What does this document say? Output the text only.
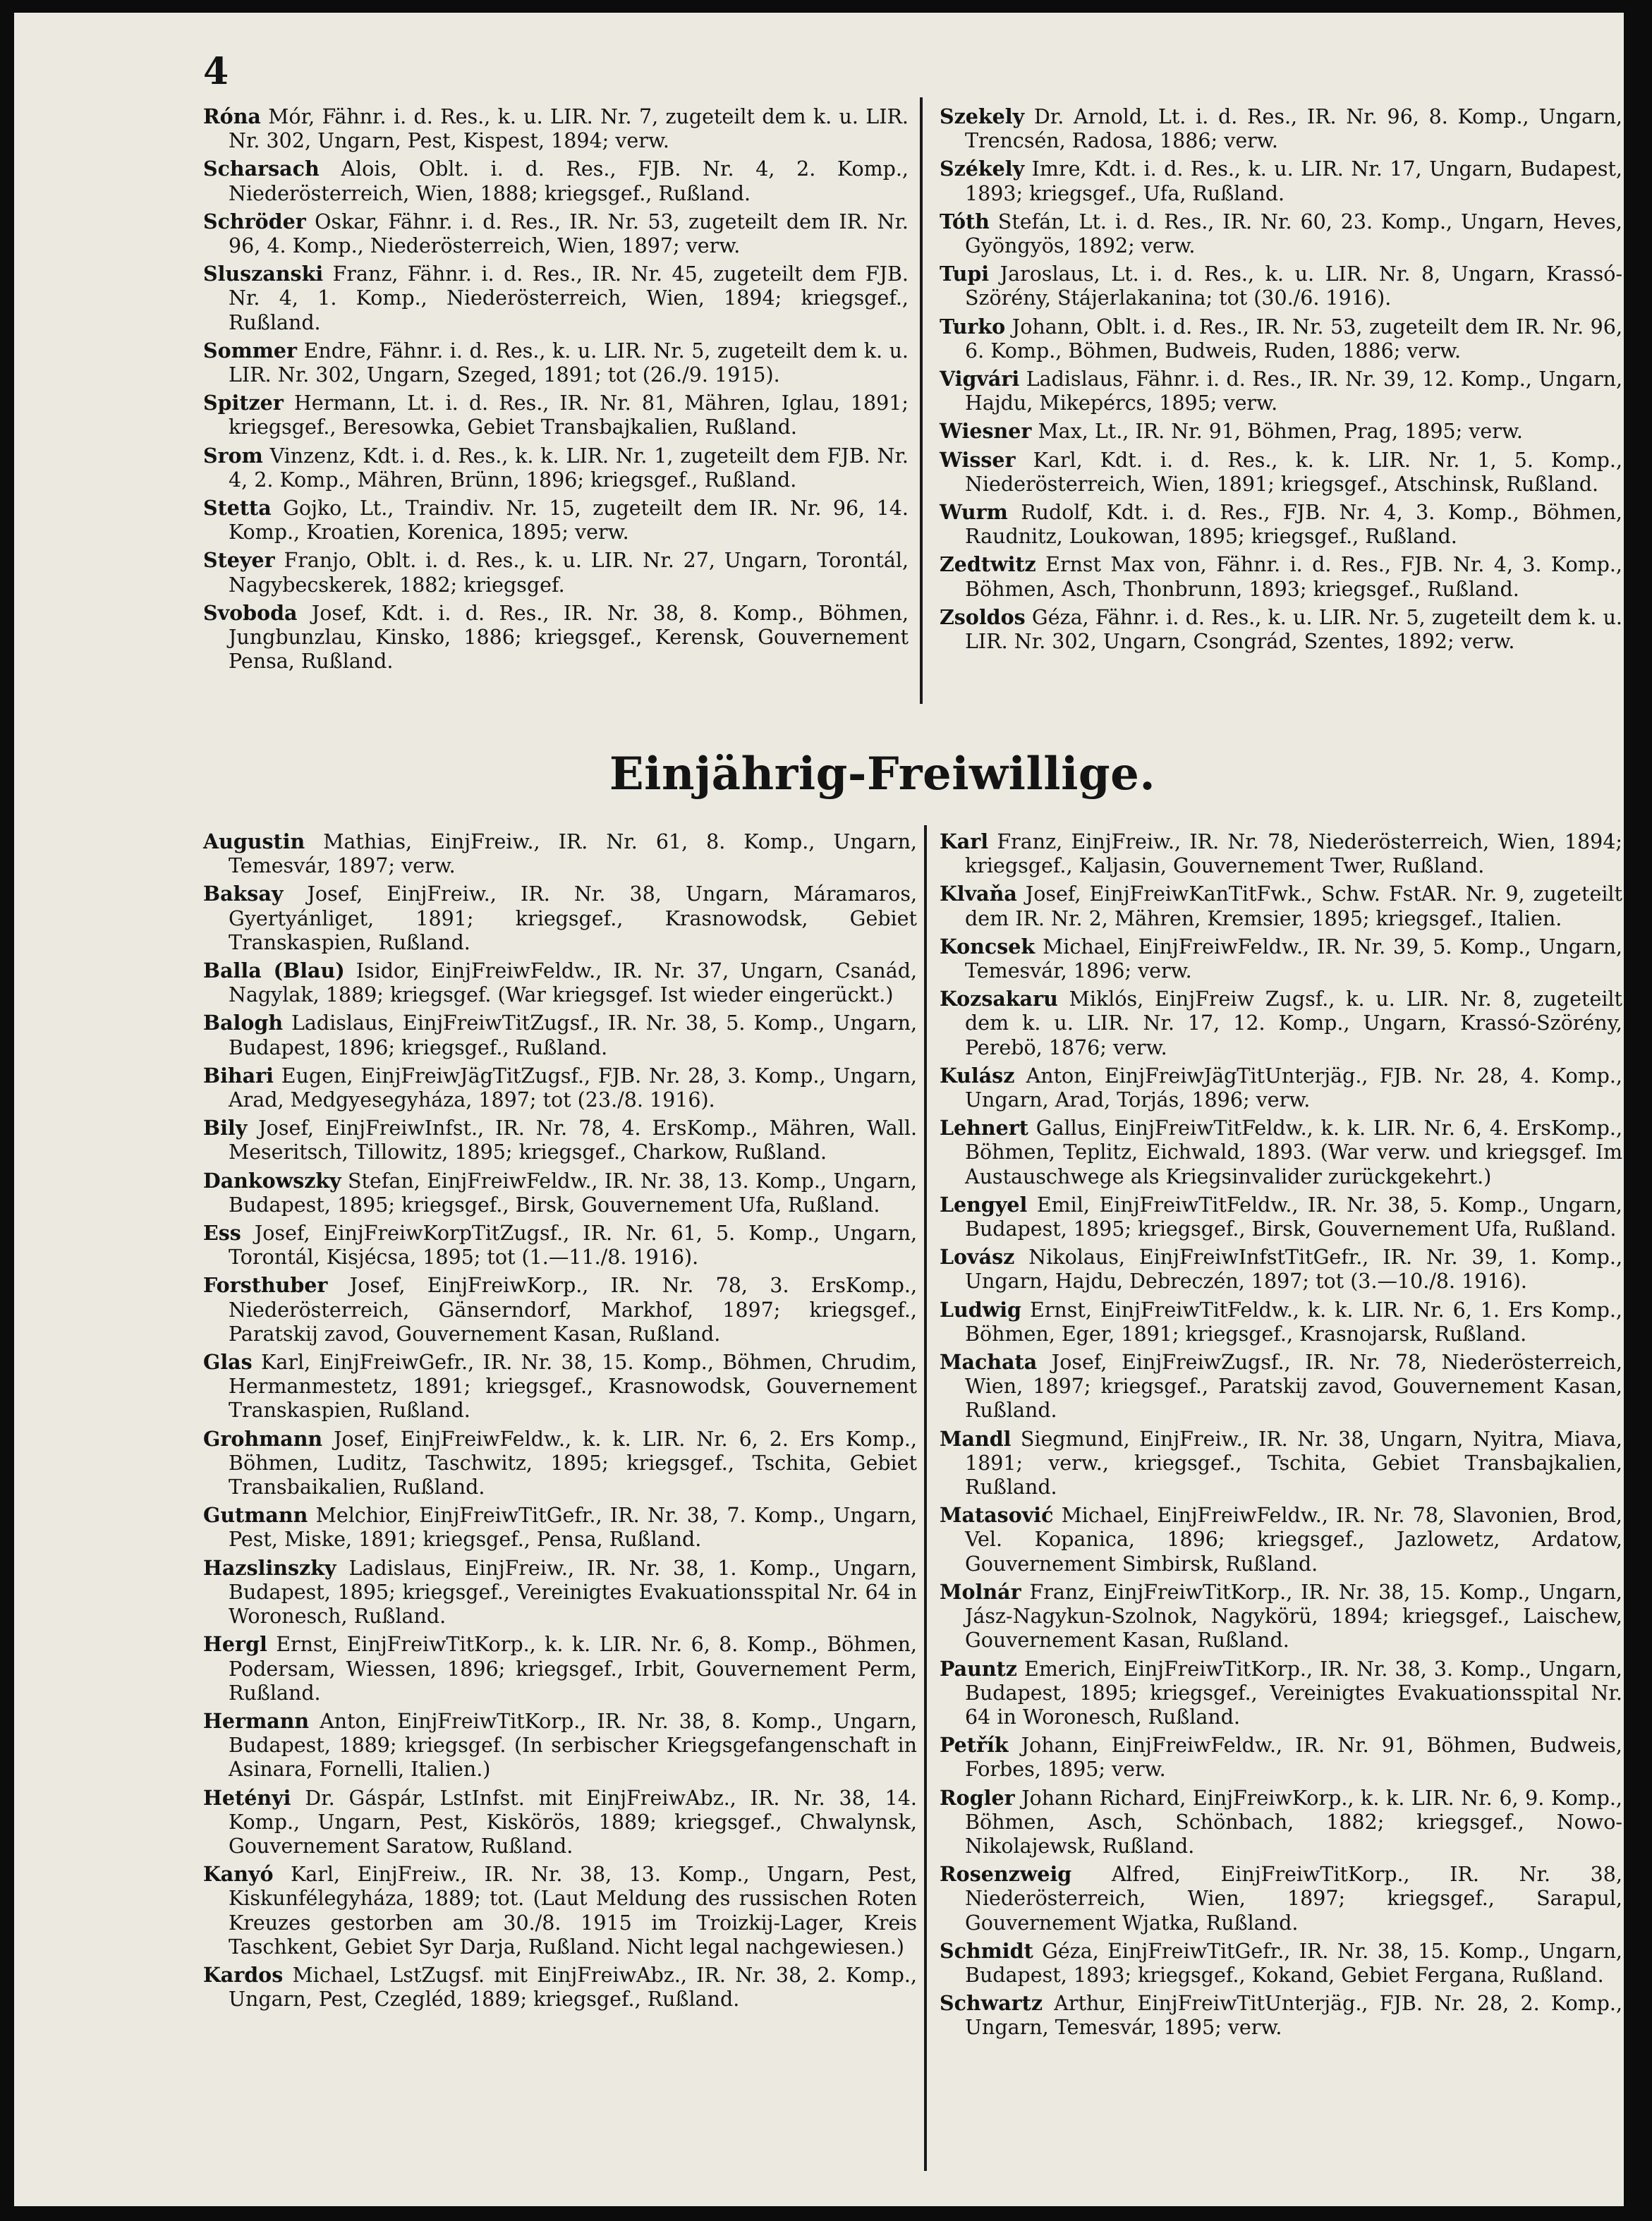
4
Róna Mór, Fähnr. i. d. Res., k. u. LIR. Nr. 7, zugeteilt dem k. u. LIR. Nr. 302, Ungarn, Pest, Kispest, 1894; verw.
Scharsach Alois, Oblt. i. d. Res., FJB. Nr. 4, 2. Komp., Niederösterreich, Wien, 1888; kriegsgef., Rußland.
Schröder Oskar, Fähnr. i. d. Res., IR. Nr. 53, zugeteilt dem IR. Nr. 96, 4. Komp., Niederösterreich, Wien, 1897; verw.
Sluszanski Franz, Fähnr. i. d. Res., IR. Nr. 45, zugeteilt dem FJB. Nr. 4, 1. Komp., Niederösterreich, Wien, 1894; kriegsgef., Rußland.
Sommer Endre, Fähnr. i. d. Res., k. u. LIR. Nr. 5, zugeteilt dem k. u. LIR. Nr. 302, Ungarn, Szeged, 1891; tot (26./9. 1915).
Spitzer Hermann, Lt. i. d. Res., IR. Nr. 81, Mähren, Iglau, 1891; kriegsgef., Beresowka, Gebiet Transbajkalien, Rußland.
Srom Vinzenz, Kdt. i. d. Res., k. k. LIR. Nr. 1, zugeteilt dem FJB. Nr. 4, 2. Komp., Mähren, Brünn, 1896; kriegsgef., Rußland.
Stetta Gojko, Lt., Traindiv. Nr. 15, zugeteilt dem IR. Nr. 96, 14. Komp., Kroatien, Korenica, 1895; verw.
Steyer Franjo, Oblt. i. d. Res., k. u. LIR. Nr. 27, Ungarn, Torontál, Nagybecskerek, 1882; kriegsgef.
Svoboda Josef, Kdt. i. d. Res., IR. Nr. 38, 8. Komp., Böhmen, Jungbunzlau, Kinsko, 1886; kriegsgef., Kerensk, Gouvernement Pensa, Rußland.
Szekely Dr. Arnold, Lt. i. d. Res., IR. Nr. 96, 8. Komp., Ungarn, Trencsén, Radosa, 1886; verw.
Székely Imre, Kdt. i. d. Res., k. u. LIR. Nr. 17, Ungarn, Budapest, 1893; kriegsgef., Ufa, Rußland.
Tóth Stefán, Lt. i. d. Res., IR. Nr. 60, 23. Komp., Ungarn, Heves, Gyöngyös, 1892; verw.
Tupi Jaroslaus, Lt. i. d. Res., k. u. LIR. Nr. 8, Ungarn, Krassó-Szörény, Stájerlakanina; tot (30./6. 1916).
Turko Johann, Oblt. i. d. Res., IR. Nr. 53, zugeteilt dem IR. Nr. 96, 6. Komp., Böhmen, Budweis, Ruden, 1886; verw.
Vigvári Ladislaus, Fähnr. i. d. Res., IR. Nr. 39, 12. Komp., Ungarn, Hajdu, Mikepércs, 1895; verw.
Wiesner Max, Lt., IR. Nr. 91, Böhmen, Prag, 1895; verw.
Wisser Karl, Kdt. i. d. Res., k. k. LIR. Nr. 1, 5. Komp., Niederösterreich, Wien, 1891; kriegsgef., Atschinsk, Rußland.
Wurm Rudolf, Kdt. i. d. Res., FJB. Nr. 4, 3. Komp., Böhmen, Raudnitz, Loukowan, 1895; kriegsgef., Rußland.
Zedtwitz Ernst Max von, Fähnr. i. d. Res., FJB. Nr. 4, 3. Komp., Böhmen, Asch, Thonbrunn, 1893; kriegsgef., Rußland.
Zsoldos Géza, Fähnr. i. d. Res., k. u. LIR. Nr. 5, zugeteilt dem k. u. LIR. Nr. 302, Ungarn, Csongrád, Szentes, 1892; verw.
Einjährig-Freiwillige.
Augustin Mathias, EinjFreiw., IR. Nr. 61, 8. Komp., Ungarn, Temesvár, 1897; verw.
Baksay Josef, EinjFreiw., IR. Nr. 38, Ungarn, Máramaros, Gyertyánliget, 1891; kriegsgef., Krasnowodsk, Gebiet Transkaspien, Rußland.
Balla (Blau) Isidor, EinjFreiwFeldw., IR. Nr. 37, Ungarn, Csanád, Nagylak, 1889; kriegsgef. (War kriegsgef. Ist wieder eingerückt.)
Balogh Ladislaus, EinjFreiwTitZugsf., IR. Nr. 38, 5. Komp., Ungarn, Budapest, 1896; kriegsgef., Rußland.
Bihari Eugen, EinjFreiwJägTitZugsf., FJB. Nr. 28, 3. Komp., Ungarn, Arad, Medgyesegyháza, 1897; tot (23./8. 1916).
Bily Josef, EinjFreiwInfst., IR. Nr. 78, 4. ErsKomp., Mähren, Wall. Meseritsch, Tillowitz, 1895; kriegsgef., Charkow, Rußland.
Dankowszky Stefan, EinjFreiwFeldw., IR. Nr. 38, 13. Komp., Ungarn, Budapest, 1895; kriegsgef., Birsk, Gouvernement Ufa, Rußland.
Ess Josef, EinjFreiwKorpTitZugsf., IR. Nr. 61, 5. Komp., Ungarn, Torontál, Kisjécsa, 1895; tot (1.—11./8. 1916).
Forsthuber Josef, EinjFreiwKorp., IR. Nr. 78, 3. ErsKomp., Niederösterreich, Gänserndorf, Markhof, 1897; kriegsgef., Paratskij zavod, Gouvernement Kasan, Rußland.
Glas Karl, EinjFreiwGefr., IR. Nr. 38, 15. Komp., Böhmen, Chrudim, Hermanmestetz, 1891; kriegsgef., Krasnowodsk, Gouvernement Transkaspien, Rußland.
Grohmann Josef, EinjFreiwFeldw., k. k. LIR. Nr. 6, 2. Ers Komp., Böhmen, Luditz, Taschwitz, 1895; kriegsgef., Tschita, Gebiet Transbaikalien, Rußland.
Gutmann Melchior, EinjFreiwTitGefr., IR. Nr. 38, 7. Komp., Ungarn, Pest, Miske, 1891; kriegsgef., Pensa, Rußland.
Hazslinszky Ladislaus, EinjFreiw., IR. Nr. 38, 1. Komp., Ungarn, Budapest, 1895; kriegsgef., Vereinigtes Evakuationsspital Nr. 64 in Woronesch, Rußland.
Hergl Ernst, EinjFreiwTitKorp., k. k. LIR. Nr. 6, 8. Komp., Böhmen, Podersam, Wiessen, 1896; kriegsgef., Irbit, Gouvernement Perm, Rußland.
Hermann Anton, EinjFreiwTitKorp., IR. Nr. 38, 8. Komp., Ungarn, Budapest, 1889; kriegsgef. (In serbischer Kriegsgefangenschaft in Asinara, Fornelli, Italien.)
Hetényi Dr. Gáspár, LstInfst. mit EinjFreiwAbz., IR. Nr. 38, 14. Komp., Ungarn, Pest, Kiskörös, 1889; kriegsgef., Chwalynsk, Gouvernement Saratow, Rußland.
Kanyó Karl, EinjFreiw., IR. Nr. 38, 13. Komp., Ungarn, Pest, Kiskunfélegyháza, 1889; tot. (Laut Meldung des russischen Roten Kreuzes gestorben am 30./8. 1915 im Troizkij-Lager, Kreis Taschkent, Gebiet Syr Darja, Rußland. Nicht legal nachgewiesen.)
Kardos Michael, LstZugsf. mit EinjFreiwAbz., IR. Nr. 38, 2. Komp., Ungarn, Pest, Czegléd, 1889; kriegsgef., Rußland.
Karl Franz, EinjFreiw., IR. Nr. 78, Niederösterreich, Wien, 1894; kriegsgef., Kaljasin, Gouvernement Twer, Rußland.
Klvaňa Josef, EinjFreiwKanTitFwk., Schw. FstAR. Nr. 9, zugeteilt dem IR. Nr. 2, Mähren, Kremsier, 1895; kriegsgef., Italien.
Koncsek Michael, EinjFreiwFeldw., IR. Nr. 39, 5. Komp., Ungarn, Temesvár, 1896; verw.
Kozsakaru Miklós, EinjFreiw Zugsf., k. u. LIR. Nr. 8, zugeteilt dem k. u. LIR. Nr. 17, 12. Komp., Ungarn, Krassó-Szörény, Perebö, 1876; verw.
Kulász Anton, EinjFreiwJägTitUnterjäg., FJB. Nr. 28, 4. Komp., Ungarn, Arad, Torjás, 1896; verw.
Lehnert Gallus, EinjFreiwTitFeldw., k. k. LIR. Nr. 6, 4. ErsKomp., Böhmen, Teplitz, Eichwald, 1893. (War verw. und kriegsgef. Im Austauschwege als Kriegsinvalider zurückgekehrt.)
Lengyel Emil, EinjFreiwTitFeldw., IR. Nr. 38, 5. Komp., Ungarn, Budapest, 1895; kriegsgef., Birsk, Gouvernement Ufa, Rußland.
Lovász Nikolaus, EinjFreiwInfstTitGefr., IR. Nr. 39, 1. Komp., Ungarn, Hajdu, Debreczén, 1897; tot (3.—10./8. 1916).
Ludwig Ernst, EinjFreiwTitFeldw., k. k. LIR. Nr. 6, 1. Ers Komp., Böhmen, Eger, 1891; kriegsgef., Krasnojarsk, Rußland.
Machata Josef, EinjFreiwZugsf., IR. Nr. 78, Niederösterreich, Wien, 1897; kriegsgef., Paratskij zavod, Gouvernement Kasan, Rußland.
Mandl Siegmund, EinjFreiw., IR. Nr. 38, Ungarn, Nyitra, Miava, 1891; verw., kriegsgef., Tschita, Gebiet Transbajkalien, Rußland.
Matasović Michael, EinjFreiwFeldw., IR. Nr. 78, Slavonien, Brod, Vel. Kopanica, 1896; kriegsgef., Jazlowetz, Ardatow, Gouvernement Simbirsk, Rußland.
Molnár Franz, EinjFreiwTitKorp., IR. Nr. 38, 15. Komp., Ungarn, Jász-Nagykun-Szolnok, Nagykörü, 1894; kriegsgef., Laischew, Gouvernement Kasan, Rußland.
Pauntz Emerich, EinjFreiwTitKorp., IR. Nr. 38, 3. Komp., Ungarn, Budapest, 1895; kriegsgef., Vereinigtes Evakuationsspital Nr. 64 in Woronesch, Rußland.
Petřík Johann, EinjFreiwFeldw., IR. Nr. 91, Böhmen, Budweis, Forbes, 1895; verw.
Rogler Johann Richard, EinjFreiwKorp., k. k. LIR. Nr. 6, 9. Komp., Böhmen, Asch, Schönbach, 1882; kriegsgef., Nowo-Nikolajewsk, Rußland.
Rosenzweig Alfred, EinjFreiwTitKorp., IR. Nr. 38, Niederösterreich, Wien, 1897; kriegsgef., Sarapul, Gouvernement Wjatka, Rußland.
Schmidt Géza, EinjFreiwTitGefr., IR. Nr. 38, 15. Komp., Ungarn, Budapest, 1893; kriegsgef., Kokand, Gebiet Fergana, Rußland.
Schwartz Arthur, EinjFreiwTitUnterjäg., FJB. Nr. 28, 2. Komp., Ungarn, Temesvár, 1895; verw.
